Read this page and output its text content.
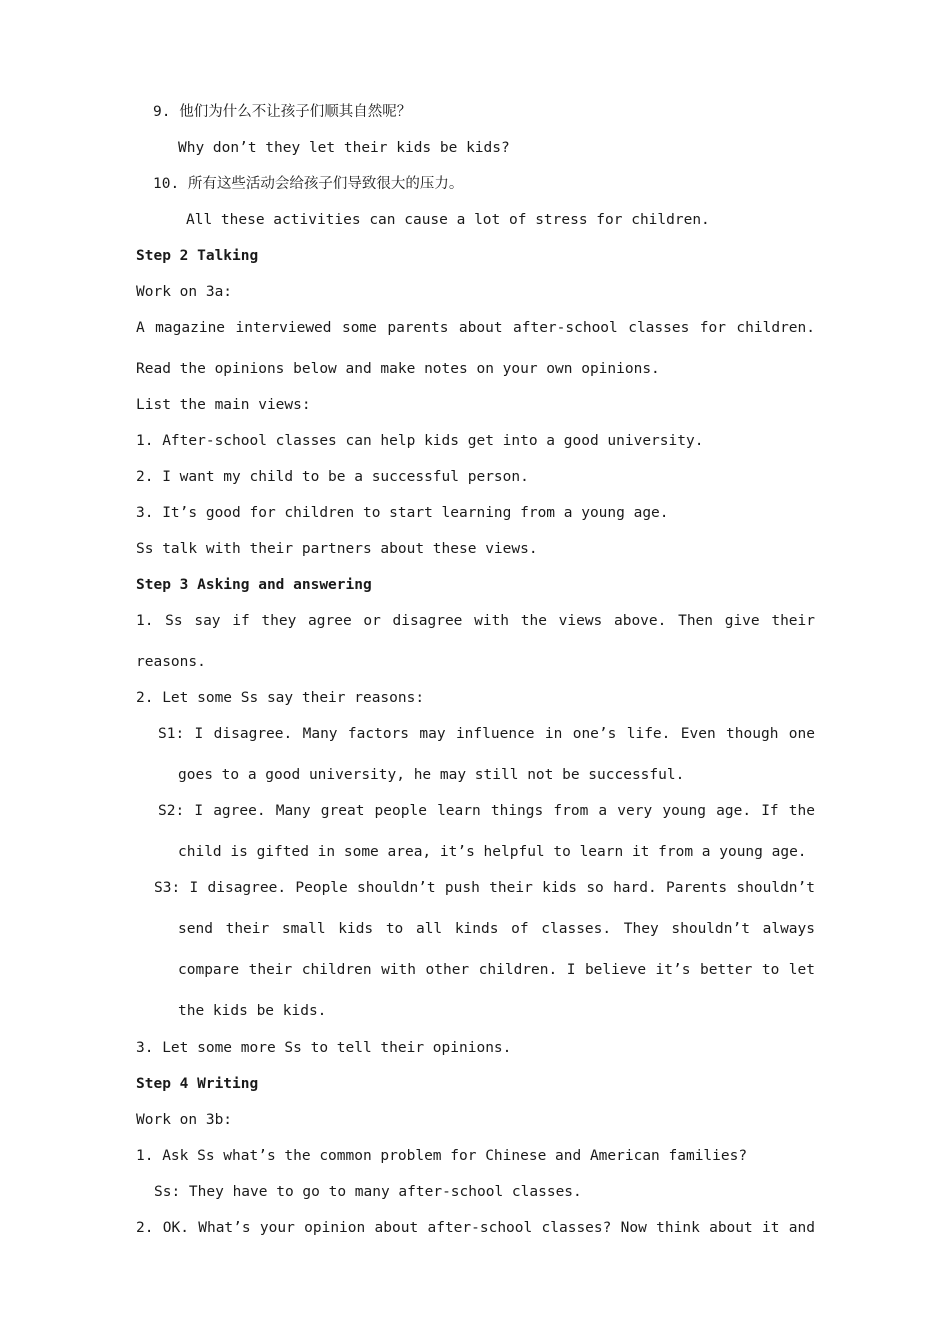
9. 他们为什么不让孩子们顺其自然呢？
Why don’t they let their kids be kids?
10. 所有这些活动会给孩子们导致很大的压力。
All these activities can cause a lot of stress for children.
Step 2 Talking
Work on 3a:
A magazine interviewed some parents about after-school classes for children.
Read the opinions below and make notes on your own opinions.
List the main views:
1. After-school classes can help kids get into a good university.
2. I want my child to be a successful person.
3. It’s good for children to start learning from a young age.
Ss talk with their partners about these views.
Step 3 Asking and answering
1. Ss say if they agree or disagree with the views above. Then give their
reasons.
2. Let some Ss say their reasons:
S1: I disagree. Many factors may influence in one’s life. Even though one
goes to a good university, he may still not be successful.
S2: I agree. Many great people learn things from a very young age. If the
child is gifted in some area, it’s helpful to learn it from a young age.
S3: I disagree. People shouldn’t push their kids so hard. Parents shouldn’t
send their small kids to all kinds of classes. They shouldn’t always
compare their children with other children. I believe it’s better to let
the kids be kids.
3. Let some more Ss to tell their opinions.
Step 4 Writing
Work on 3b:
1. Ask Ss what’s the common problem for Chinese and American families?
Ss: They have to go to many after-school classes.
2. OK. What’s your opinion about after-school classes? Now think about it and
